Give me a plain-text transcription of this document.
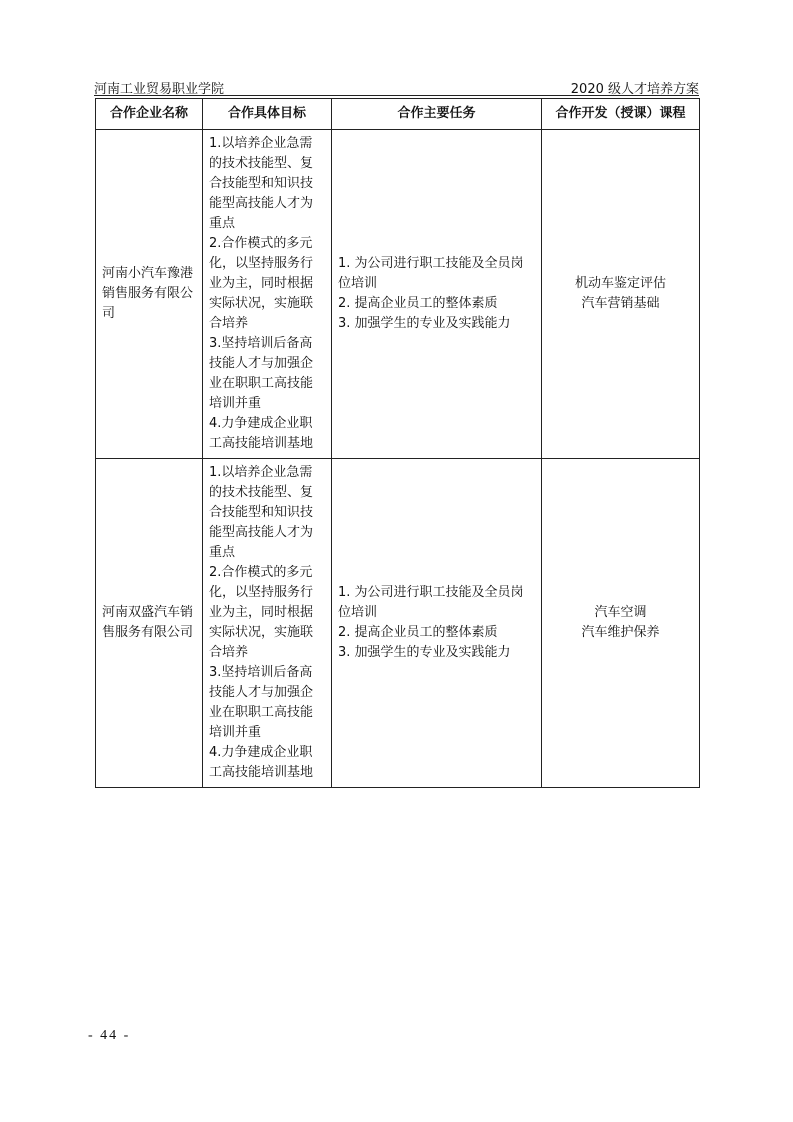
河南工业贸易职业学院	2020 级人才培养方案
合作企业名称	合作具体目标	合作主要任务	合作开发（授课）课程
河南小汽车豫港销售服务有限公司	1.以培养企业急需的技术技能型、复合技能型和知识技能型高技能人才为重点
2.合作模式的多元化，以坚持服务行业为主，同时根据实际状况，实施联合培养
3.坚持培训后备高技能人才与加强企业在职职工高技能培训并重
4.力争建成企业职工高技能培训基地	1. 为公司进行职工技能及全员岗位培训
2. 提高企业员工的整体素质
3. 加强学生的专业及实践能力	机动车鉴定评估
汽车营销基础

河南双盛汽车销售服务有限公司	1.以培养企业急需的技术技能型、复合技能型和知识技能型高技能人才为重点
2.合作模式的多元化，以坚持服务行业为主，同时根据实际状况，实施联合培养
3.坚持培训后备高技能人才与加强企业在职职工高技能培训并重
4.力争建成企业职工高技能培训基地	1. 为公司进行职工技能及全员岗位培训
2. 提高企业员工的整体素质
3. 加强学生的专业及实践能力	汽车空调
汽车维护保养
- 44 -
